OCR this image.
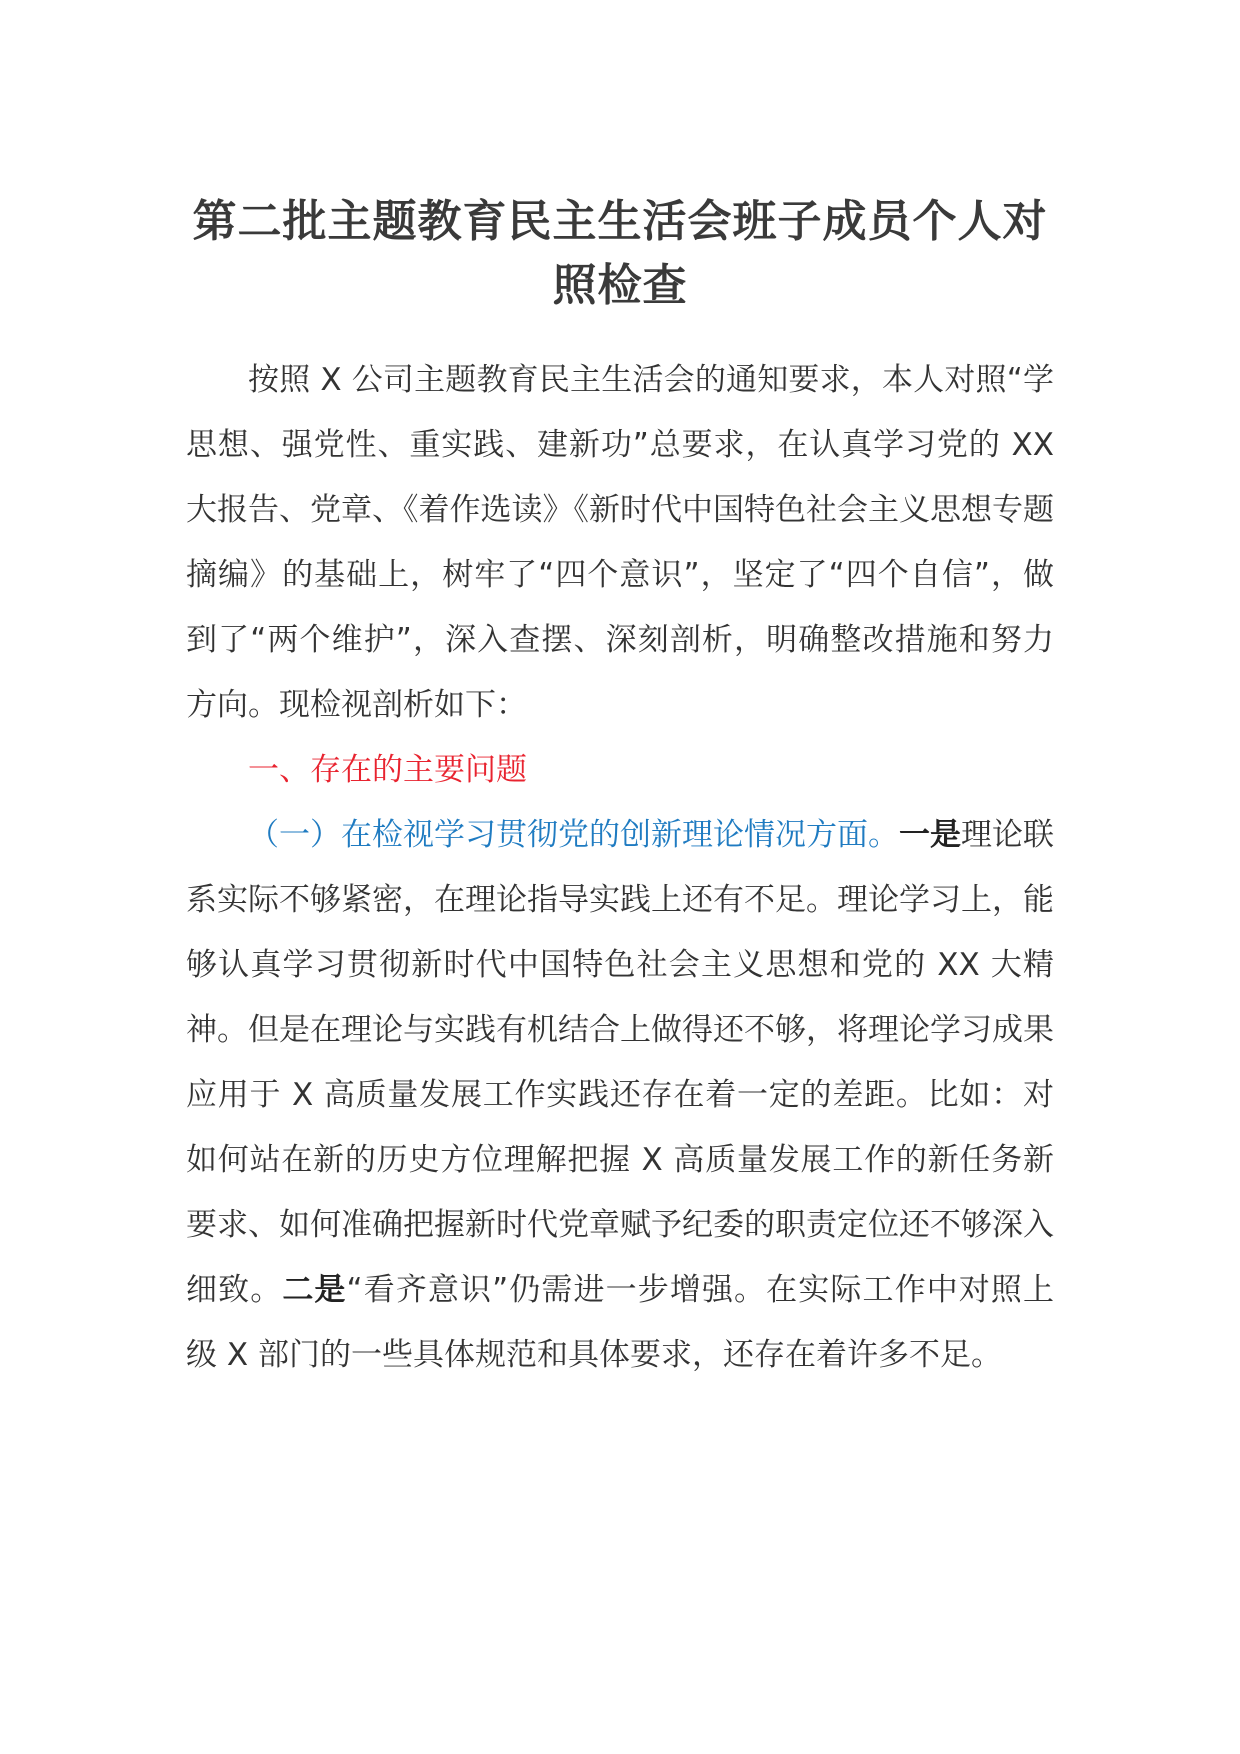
第二批主题教育民主生活会班子成员个人对照检查

按照 X 公司主题教育民主生活会的通知要求，本人对照“学思想、强党性、重实践、建新功”总要求，在认真学习党的 XX 大报告、党章、《着作选读》《新时代中国特色社会主义思想专题摘编》的基础上，树牢了“四个意识”，坚定了“四个自信”，做到了“两个维护”，深入查摆、深刻剖析，明确整改措施和努力方向。现检视剖析如下：

一、存在的主要问题

（一）在检视学习贯彻党的创新理论情况方面。一是理论联系实际不够紧密，在理论指导实践上还有不足。理论学习上，能够认真学习贯彻新时代中国特色社会主义思想和党的 XX 大精神。但是在理论与实践有机结合上做得还不够，将理论学习成果应用于 X 高质量发展工作实践还存在着一定的差距。比如：对如何站在新的历史方位理解把握 X 高质量发展工作的新任务新要求、如何准确把握新时代党章赋予纪委的职责定位还不够深入细致。二是“看齐意识”仍需进一步增强。在实际工作中对照上级 X 部门的一些具体规范和具体要求，还存在着许多不足。
